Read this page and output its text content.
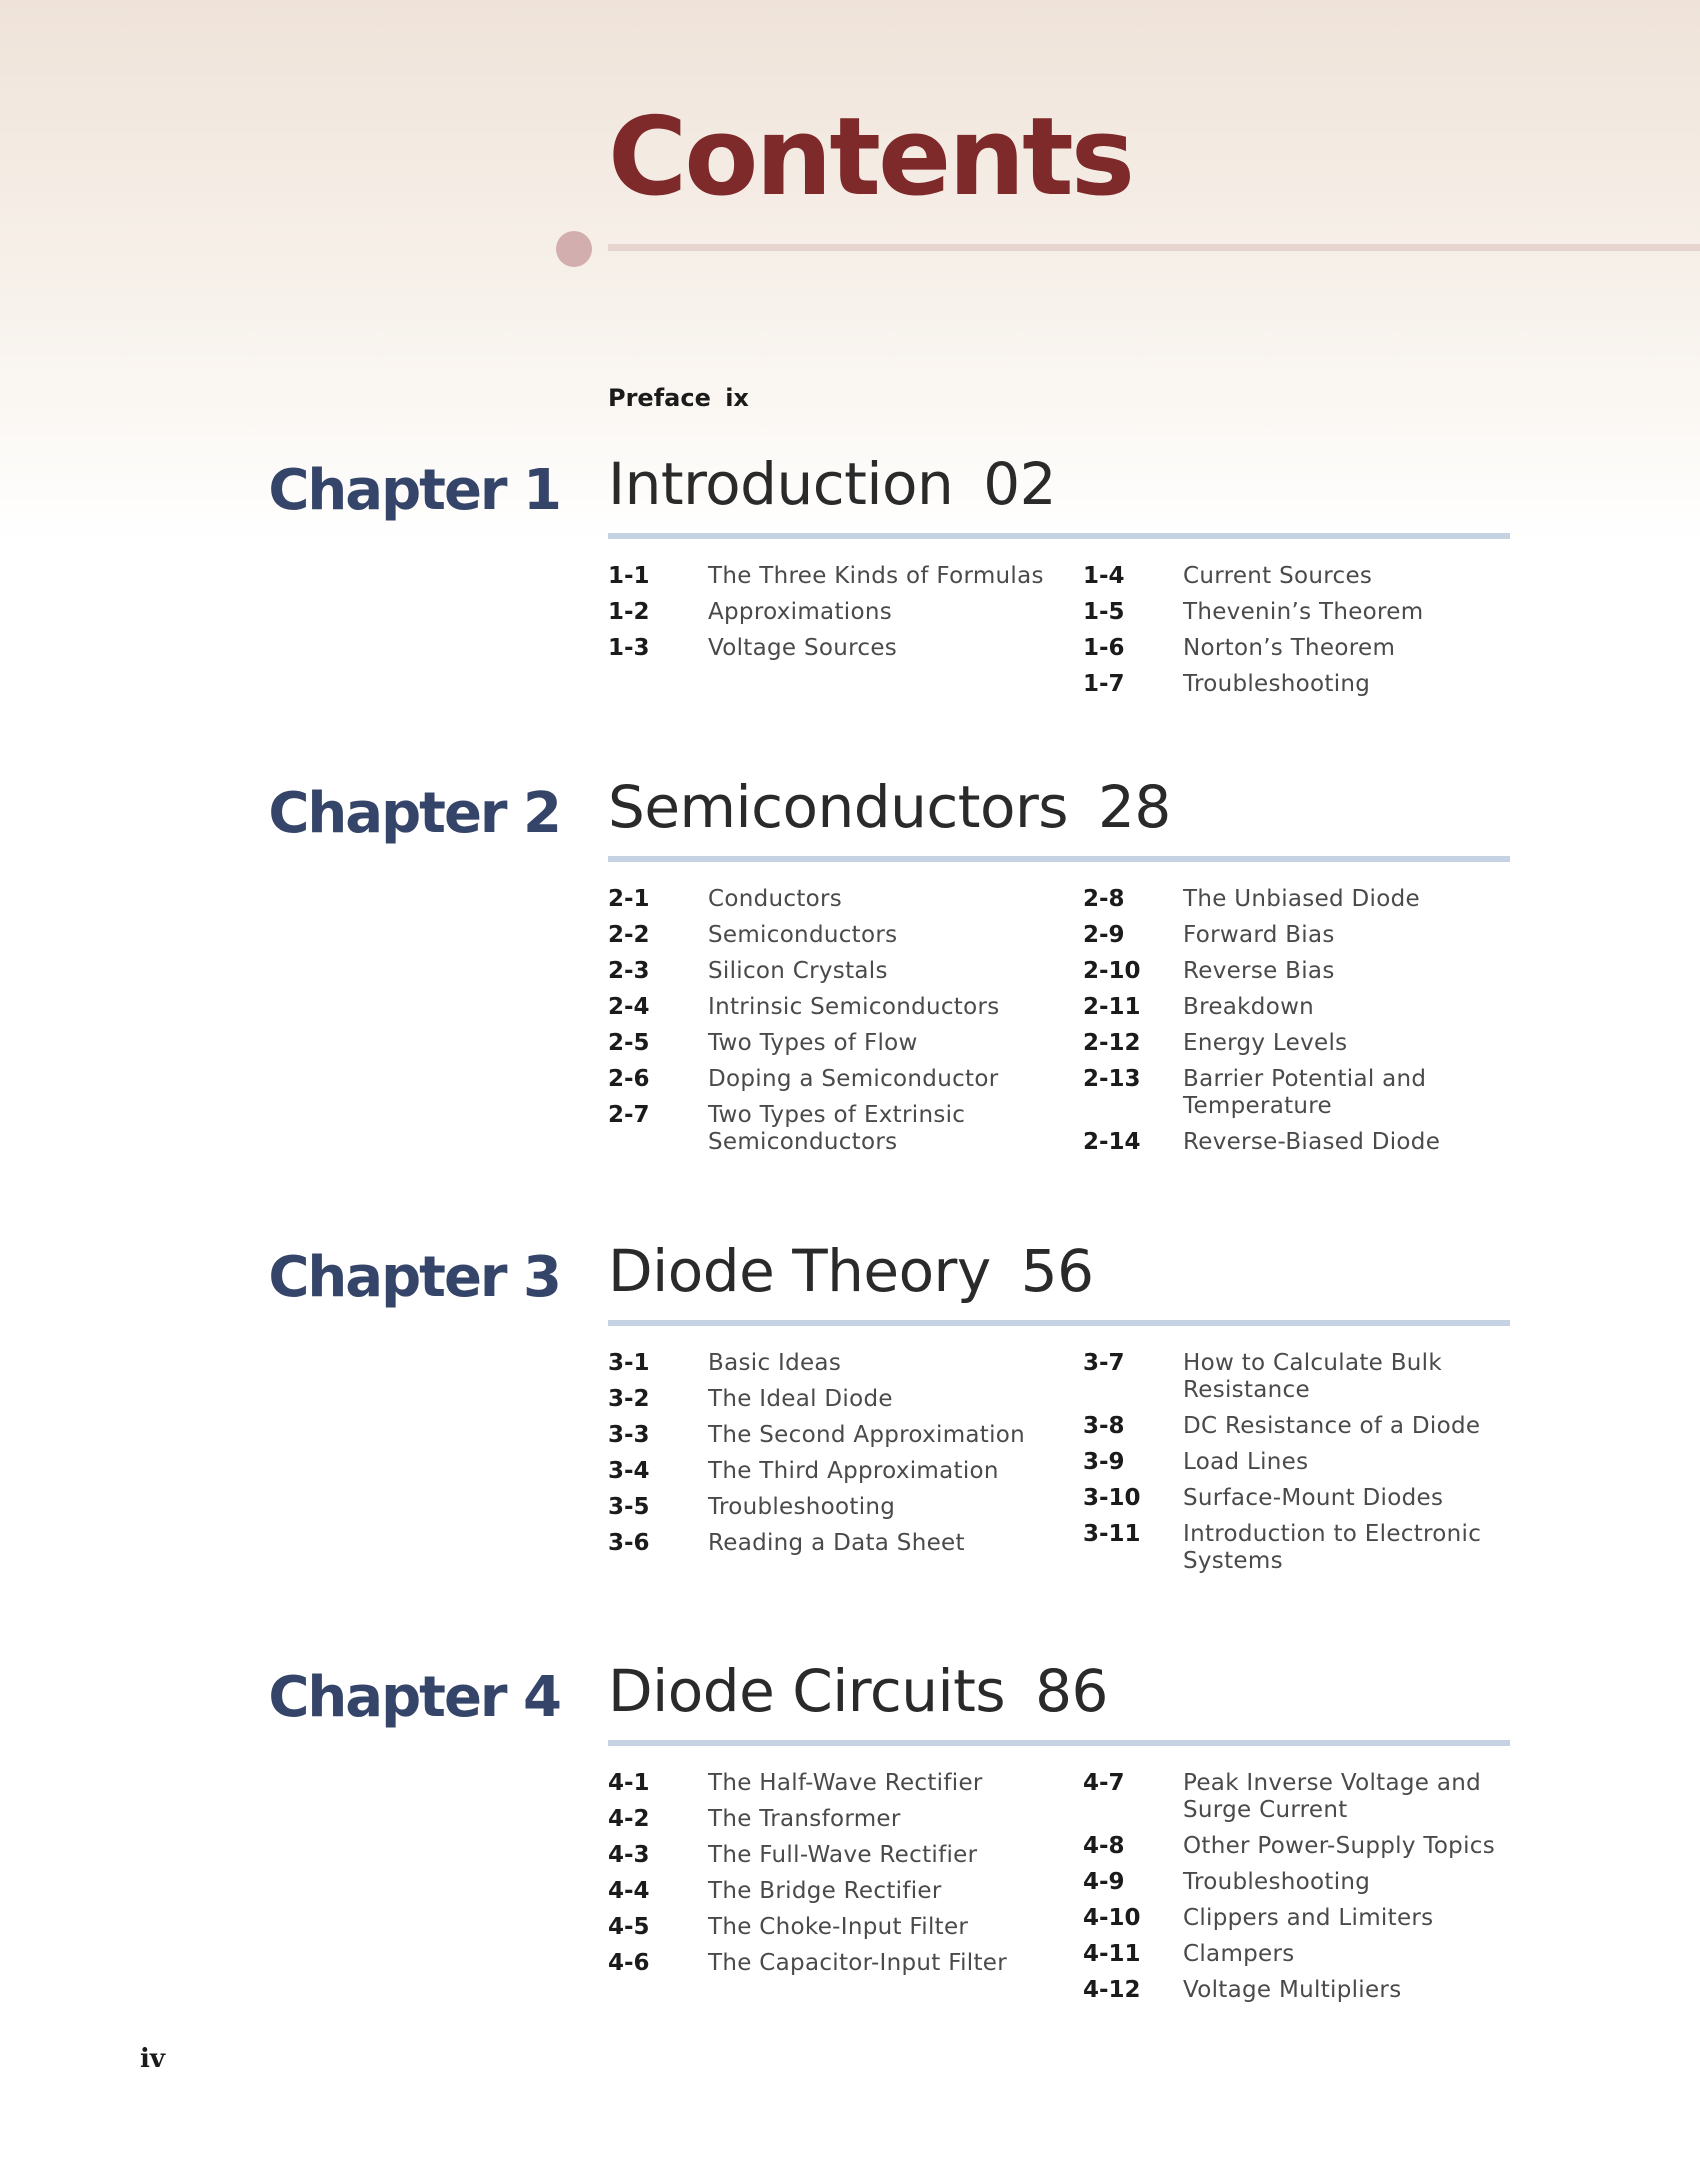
Contents
Preface ix
Chapter 1 Introduction 02
1-1	The Three Kinds of Formulas
1-2	Approximations
1-3	Voltage Sources
1-4	Current Sources
1-5	Thevenin’s Theorem
1-6	Norton’s Theorem
1-7	Troubleshooting
Chapter 2 Semiconductors 28
2-1	Conductors
2-2	Semiconductors
2-3	Silicon Crystals
2-4	Intrinsic Semiconductors
2-5	Two Types of Flow
2-6	Doping a Semiconductor
2-7	Two Types of Extrinsic Semiconductors
2-8	The Unbiased Diode
2-9	Forward Bias
2-10	Reverse Bias
2-11	Breakdown
2-12	Energy Levels
2-13	Barrier Potential and Temperature
2-14	Reverse-Biased Diode
Chapter 3 Diode Theory 56
3-1	Basic Ideas
3-2	The Ideal Diode
3-3	The Second Approximation
3-4	The Third Approximation
3-5	Troubleshooting
3-6	Reading a Data Sheet
3-7	How to Calculate Bulk Resistance
3-8	DC Resistance of a Diode
3-9	Load Lines
3-10	Surface-Mount Diodes
3-11	Introduction to Electronic Systems
Chapter 4 Diode Circuits 86
4-1	The Half-Wave Rectifier
4-2	The Transformer
4-3	The Full-Wave Rectifier
4-4	The Bridge Rectifier
4-5	The Choke-Input Filter
4-6	The Capacitor-Input Filter
4-7	Peak Inverse Voltage and Surge Current
4-8	Other Power-Supply Topics
4-9	Troubleshooting
4-10	Clippers and Limiters
4-11	Clampers
4-12	Voltage Multipliers
iv
